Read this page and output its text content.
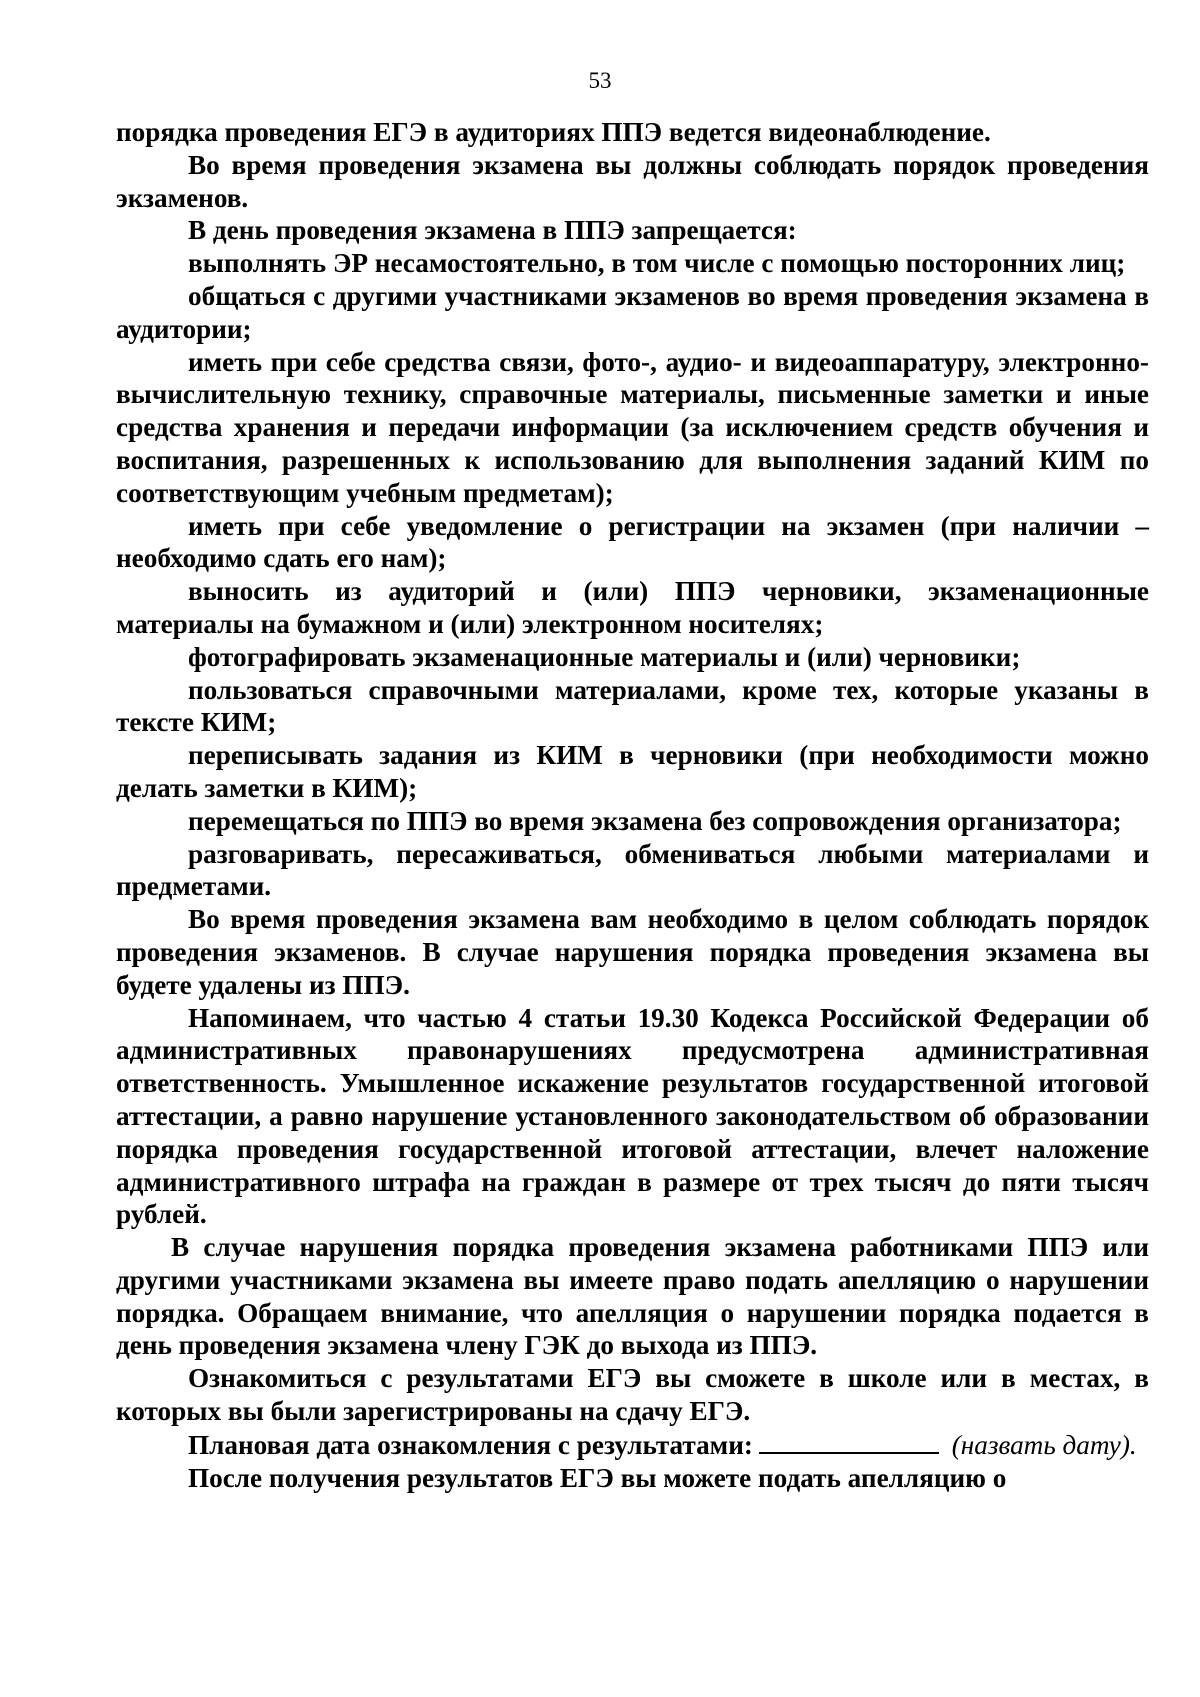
53

порядка проведения ЕГЭ в аудиториях ППЭ ведется видеонаблюдение.

Во время проведения экзамена вы должны соблюдать порядок проведения экзаменов.

В день проведения экзамена в ППЭ запрещается:

выполнять ЭР несамостоятельно, в том числе с помощью посторонних лиц;

общаться с другими участниками экзаменов во время проведения экзамена в аудитории;

иметь при себе средства связи, фото-, аудио- и видеоаппаратуру, электронно-вычислительную технику, справочные материалы, письменные заметки и иные средства хранения и передачи информации (за исключением средств обучения и воспитания, разрешенных к использованию для выполнения заданий КИМ по соответствующим учебным предметам);

иметь при себе уведомление о регистрации на экзамен (при наличии – необходимо сдать его нам);

выносить из аудиторий и (или) ППЭ черновики, экзаменационные материалы на бумажном и (или) электронном носителях;

фотографировать экзаменационные материалы и (или) черновики;

пользоваться справочными материалами, кроме тех, которые указаны в тексте КИМ;

переписывать задания из КИМ в черновики (при необходимости можно делать заметки в КИМ);

перемещаться по ППЭ во время экзамена без сопровождения организатора;

разговаривать, пересаживаться, обмениваться любыми материалами и предметами.

Во время проведения экзамена вам необходимо в целом соблюдать порядок проведения экзаменов. В случае нарушения порядка проведения экзамена вы будете удалены из ППЭ.

Напоминаем, что частью 4 статьи 19.30 Кодекса Российской Федерации об административных правонарушениях предусмотрена административная ответственность. Умышленное искажение результатов государственной итоговой аттестации, а равно нарушение установленного законодательством об образовании порядка проведения государственной итоговой аттестации, влечет наложение административного штрафа на граждан в размере от трех тысяч до пяти тысяч рублей.

В случае нарушения порядка проведения экзамена работниками ППЭ или другими участниками экзамена вы имеете право подать апелляцию о нарушении порядка. Обращаем внимание, что апелляция о нарушении порядка подается в день проведения экзамена члену ГЭК до выхода из ППЭ.

Ознакомиться с результатами ЕГЭ вы сможете в школе или в местах, в которых вы были зарегистрированы на сдачу ЕГЭ.

Плановая дата ознакомления с результатами:	(назвать дату).

После получения результатов ЕГЭ вы можете подать апелляцию о
